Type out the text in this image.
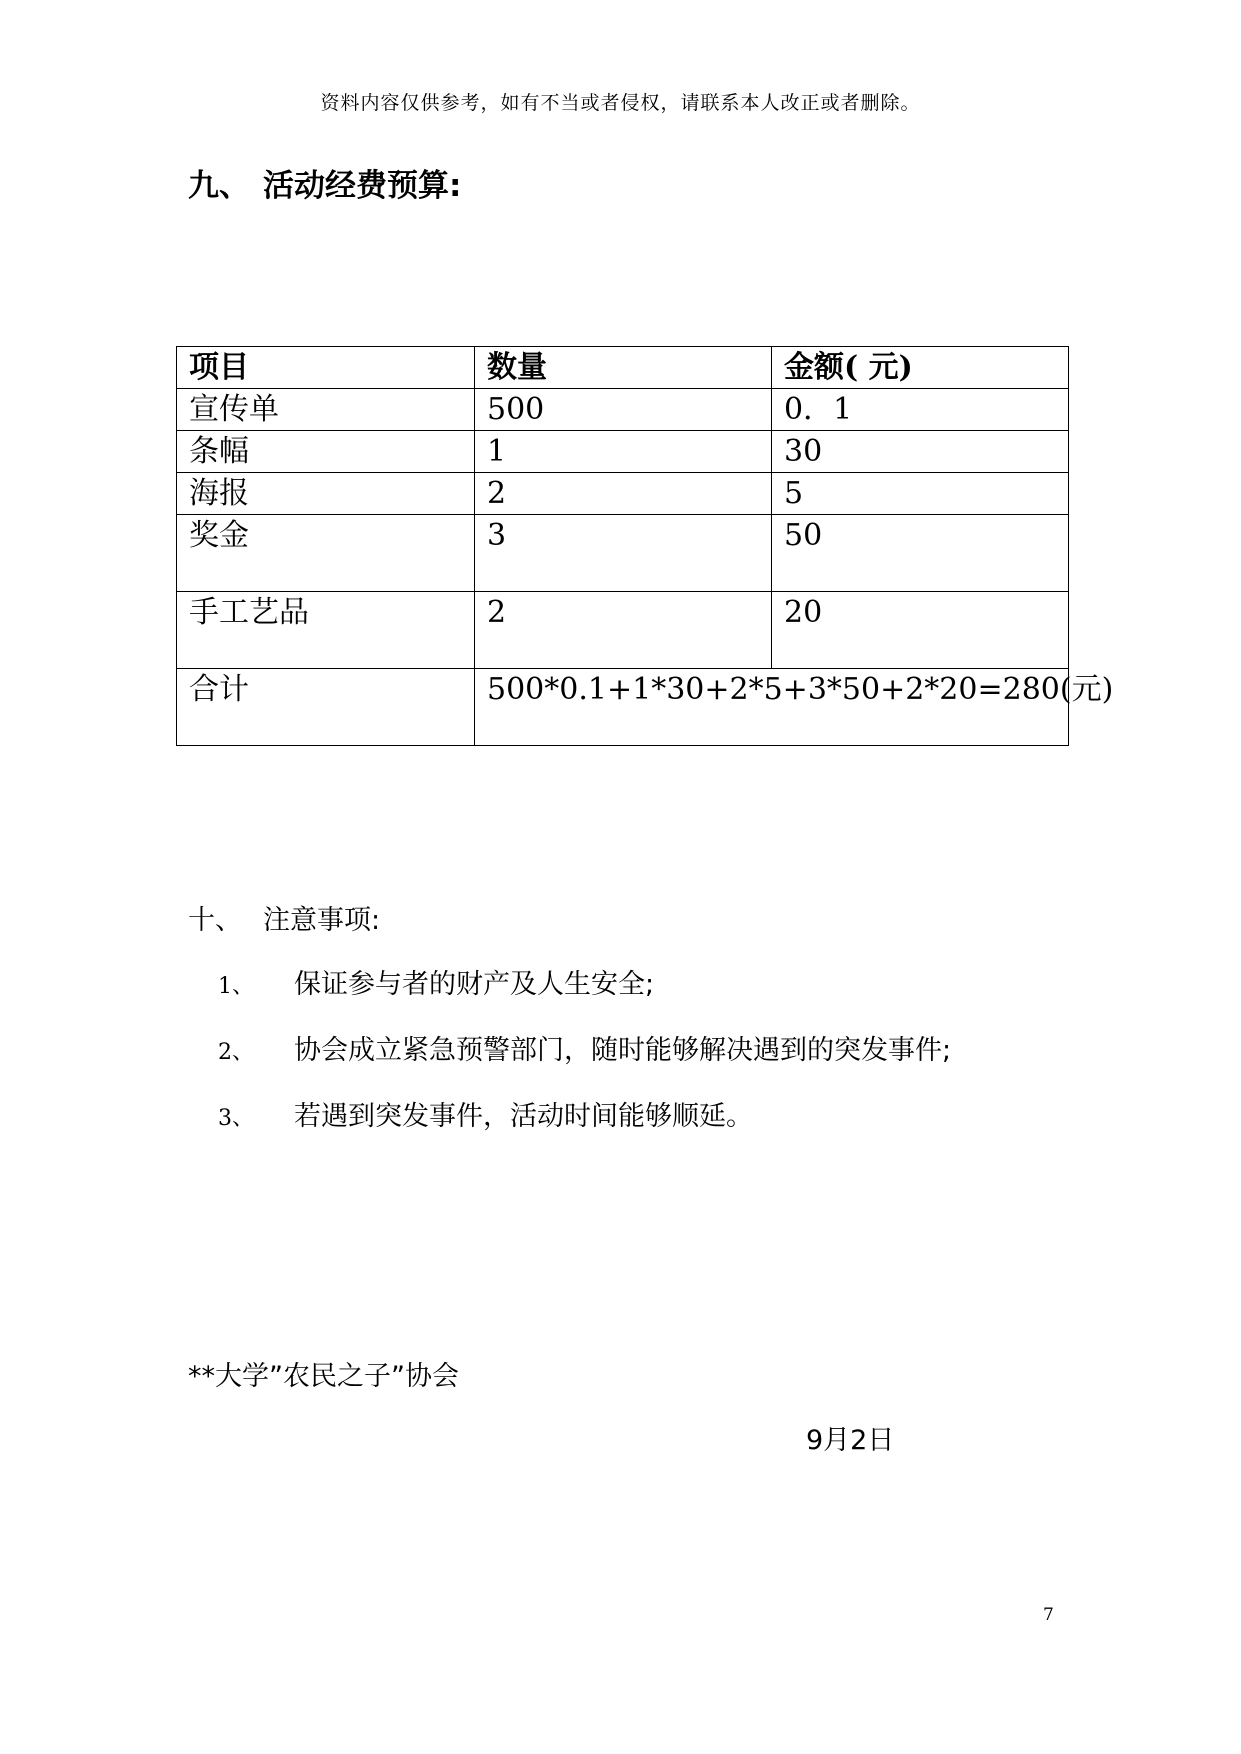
资料内容仅供参考，如有不当或者侵权，请联系本人改正或者删除。
九、 活动经费预算:
项目	数量	金额( 元)
宣传单	500	0．1
条幅	1	30
海报	2	5
奖金	3	50
手工艺品	2	20
合计	500*0.1+1*30+2*5+3*50+2*20=280(元)	
十、 注意事项:
1、 保证参与者的财产及人生安全;
2、 协会成立紧急预警部门，随时能够解决遇到的突发事件;
3、 若遇到突发事件，活动时间能够顺延。
**大学”农民之子”协会
9月2日
7
